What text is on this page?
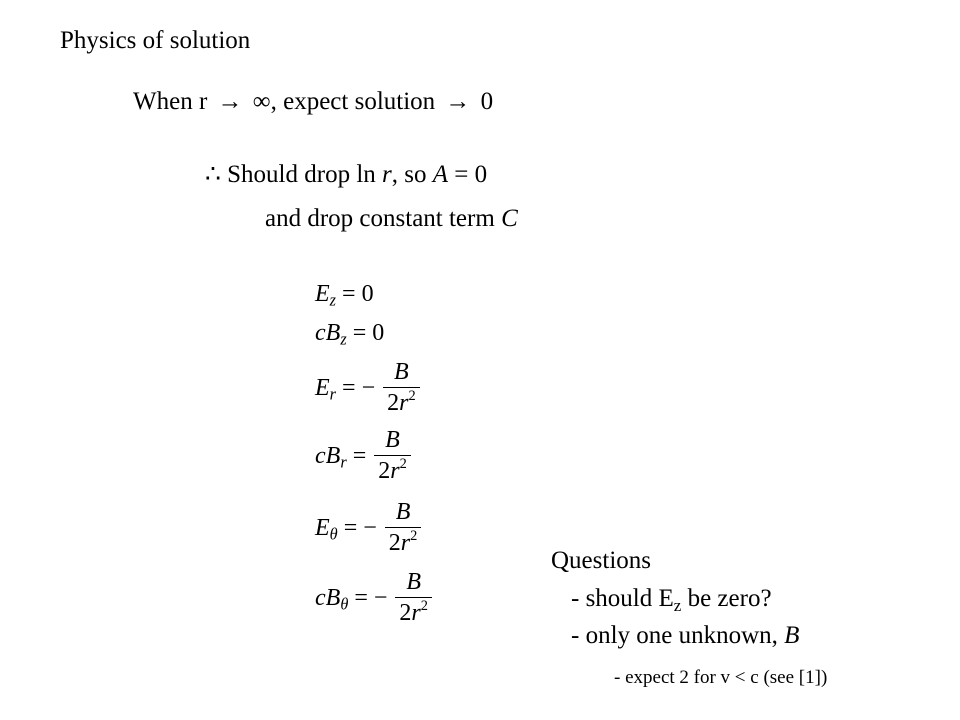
Physics of solution
When r → ∞, expect solution → 0
∴ Should drop ln r, so A = 0
and drop constant term C
$E_z = 0$
$cB_z = 0$
$E_r$ = − $\frac{B}{2r^2}$
$cB_r = \frac{B}{2r^2}$
$E_\theta$ = − $\frac{B}{2r^2}$
$cB_\theta$ = − $\frac{B}{2r^2}$
Questions
- should $E_z$ be zero?
- only one unknown, B
- expect 2 for v < c (see [1])
